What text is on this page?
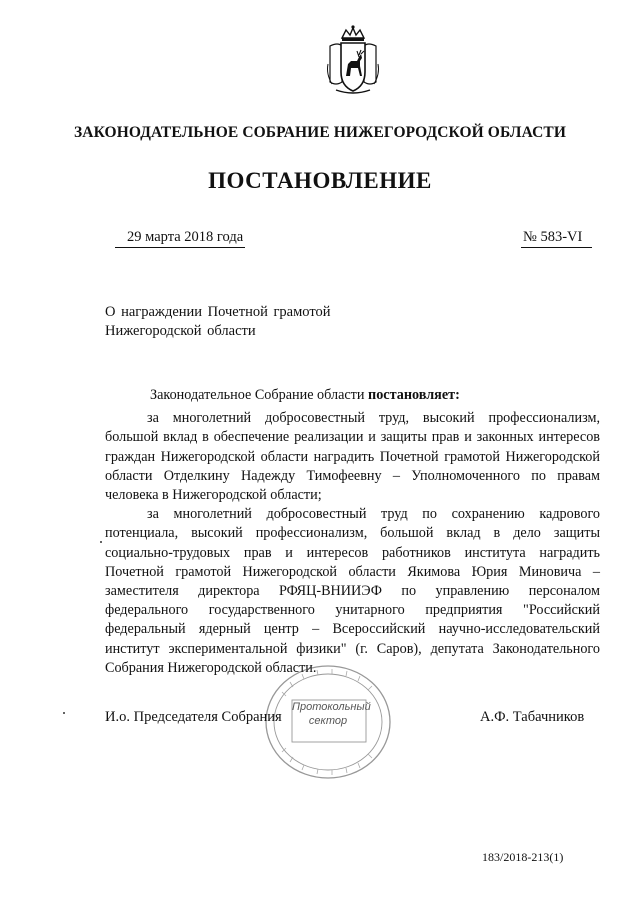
ЗАКОНОДАТЕЛЬНОЕ СОБРАНИЕ НИЖЕГОРОДСКОЙ ОБЛАСТИ
ПОСТАНОВЛЕНИЕ
29 марта 2018 года	№ 583-VI
О награждении Почетной грамотой
Нижегородской области

Законодательное Собрание области постановляет:

за многолетний добросовестный труд, высокий профессионализм, большой вклад в обеспечение реализации и защиты прав и законных интересов граждан Нижегородской области наградить Почетной грамотой Нижегородской области Отделкину Надежду Тимофеевну – Уполномоченного по правам человека в Нижегородской области;

за многолетний добросовестный труд по сохранению кадрового потенциала, высокий профессионализм, большой вклад в дело защиты социально-трудовых прав и интересов работников института наградить Почетной грамотой Нижегородской области Якимова Юрия Миновича – заместителя директора РФЯЦ-ВНИИЭФ по управлению персоналом федерального государственного унитарного предприятия "Российский федеральный ядерный центр – Всероссийский научно-исследовательский институт экспериментальной физики" (г. Саров), депутата Законодательного Собрания Нижегородской области.

Протокольный
сектор
И.о. Председателя Собрания	А.Ф. Табачников
183/2018-213(1)
